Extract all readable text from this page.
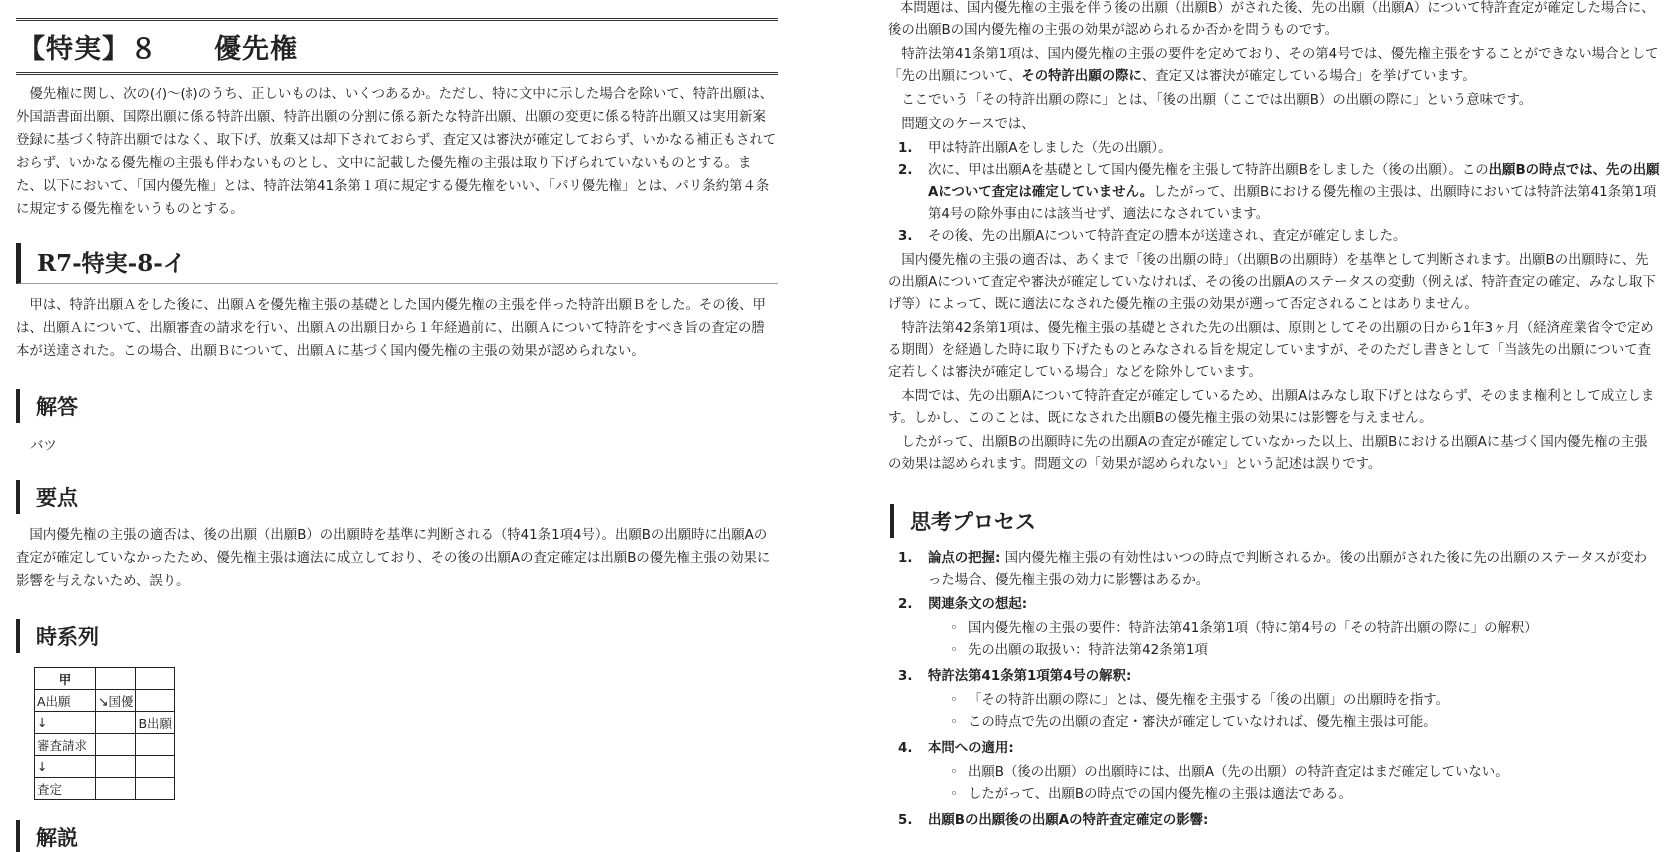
【特実】８　　優先権

優先権に関し、次の(ｲ)～(ﾎ)のうち、正しいものは、いくつあるか。ただし、特に文中に示した場合を除いて、特許出願は、外国語書面出願、国際出願に係る特許出願、特許出願の分割に係る新たな特許出願、出願の変更に係る特許出願又は実用新案登録に基づく特許出願ではなく、取下げ、放棄又は却下されておらず、査定又は審決が確定しておらず、いかなる補正もされておらず、いかなる優先権の主張も伴わないものとし、文中に記載した優先権の主張は取り下げられていないものとする。また、以下において、「国内優先権」とは、特許法第41条第１項に規定する優先権をいい、「パリ優先権」とは、パリ条約第４条に規定する優先権をいうものとする。

R7-特実-8-イ

甲は、特許出願Ａをした後に、出願Ａを優先権主張の基礎とした国内優先権の主張を伴った特許出願Ｂをした。その後、甲は、出願Ａについて、出願審査の請求を行い、出願Ａの出願日から１年経過前に、出願Ａについて特許をすべき旨の査定の謄本が送達された。この場合、出願Ｂについて、出願Ａに基づく国内優先権の主張の効果が認められない。

解答
バツ
要点

国内優先権の主張の適否は、後の出願（出願B）の出願時を基準に判断される（特41条1項4号）。出願Bの出願時に出願Aの査定が確定していなかったため、優先権主張は適法に成立しており、その後の出願Aの査定確定は出願Bの優先権主張の効果に影響を与えないため、誤り。

時系列
甲		
A出願	↘国優	
↓		B出願
審査請求		
↓		
査定		
解説

本問題は、国内優先権の主張を伴う後の出願（出願B）がされた後、先の出願（出願A）について特許査定が確定した場合に、後の出願Bの国内優先権の主張の効果が認められるか否かを問うものです。

特許法第41条第1項は、国内優先権の主張の要件を定めており、その第4号では、優先権主張をすることができない場合として「先の出願について、その特許出願の際に、査定又は審決が確定している場合」を挙げています。

ここでいう「その特許出願の際に」とは、「後の出願（ここでは出願B）の出願の際に」という意味です。

問題文のケースでは、

1. 甲は特許出願Aをしました（先の出願）。
2. 次に、甲は出願Aを基礎として国内優先権を主張して特許出願Bをしました（後の出願）。この出願Bの時点では、先の出願Aについて査定は確定していません。したがって、出願Bにおける優先権の主張は、出願時においては特許法第41条第1項第4号の除外事由には該当せず、適法になされています。
3. その後、先の出願Aについて特許査定の謄本が送達され、査定が確定しました。

国内優先権の主張の適否は、あくまで「後の出願の時」（出願Bの出願時）を基準として判断されます。出願Bの出願時に、先の出願Aについて査定や審決が確定していなければ、その後の出願Aのステータスの変動（例えば、特許査定の確定、みなし取下げ等）によって、既に適法になされた優先権の主張の効果が遡って否定されることはありません。

特許法第42条第1項は、優先権主張の基礎とされた先の出願は、原則としてその出願の日から1年3ヶ月（経済産業省令で定める期間）を経過した時に取り下げたものとみなされる旨を規定していますが、そのただし書きとして「当該先の出願について査定若しくは審決が確定している場合」などを除外しています。

本問では、先の出願Aについて特許査定が確定しているため、出願Aはみなし取下げとはならず、そのまま権利として成立します。しかし、このことは、既になされた出願Bの優先権主張の効果には影響を与えません。

したがって、出願Bの出願時に先の出願Aの査定が確定していなかった以上、出願Bにおける出願Aに基づく国内優先権の主張の効果は認められます。問題文の「効果が認められない」という記述は誤りです。

思考プロセス
1. 論点の把握: 国内優先権主張の有効性はいつの時点で判断されるか。後の出願がされた後に先の出願のステータスが変わった場合、優先権主張の効力に影響はあるか。
2. 関連条文の想起:
◦ 国内優先権の主張の要件：特許法第41条第1項（特に第4号の「その特許出願の際に」の解釈）
◦ 先の出願の取扱い：特許法第42条第1項
3. 特許法第41条第1項第4号の解釈:
◦ 「その特許出願の際に」とは、優先権を主張する「後の出願」の出願時を指す。
◦ この時点で先の出願の査定・審決が確定していなければ、優先権主張は可能。
4. 本問への適用:
◦ 出願B（後の出願）の出願時には、出願A（先の出願）の特許査定はまだ確定していない。
◦ したがって、出願Bの時点での国内優先権の主張は適法である。
5. 出願Bの出願後の出願Aの特許査定確定の影響:
